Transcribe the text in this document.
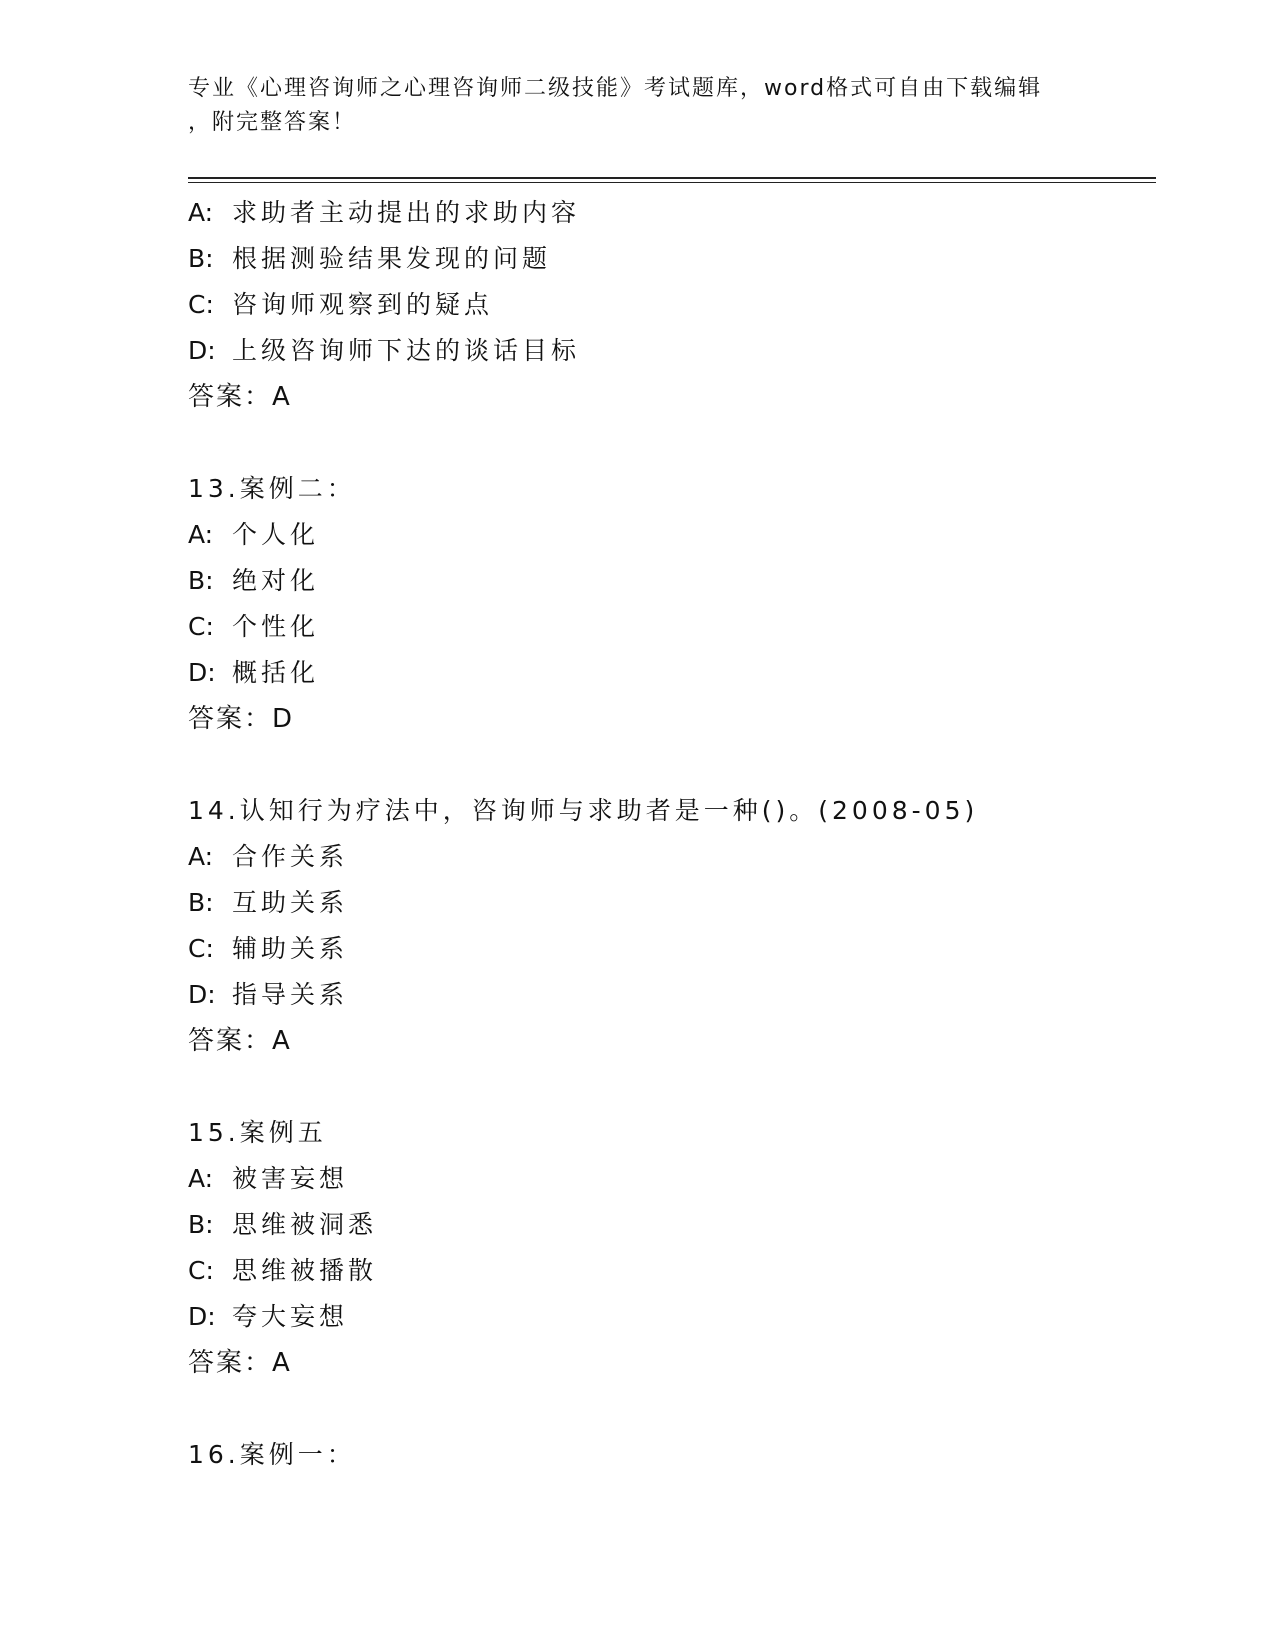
专业《心理咨询师之心理咨询师二级技能》考试题库，word格式可自由下载编辑
，附完整答案！
A: 求助者主动提出的求助内容
B: 根据测验结果发现的问题
C: 咨询师观察到的疑点
D: 上级咨询师下达的谈话目标
答案：A
13.案例二：
A: 个人化
B: 绝对化
C: 个性化
D: 概括化
答案：D
14.认知行为疗法中，咨询师与求助者是一种()。(2008-05)
A: 合作关系
B: 互助关系
C: 辅助关系
D: 指导关系
答案：A
15.案例五
A: 被害妄想
B: 思维被洞悉
C: 思维被播散
D: 夸大妄想
答案：A
16.案例一：
